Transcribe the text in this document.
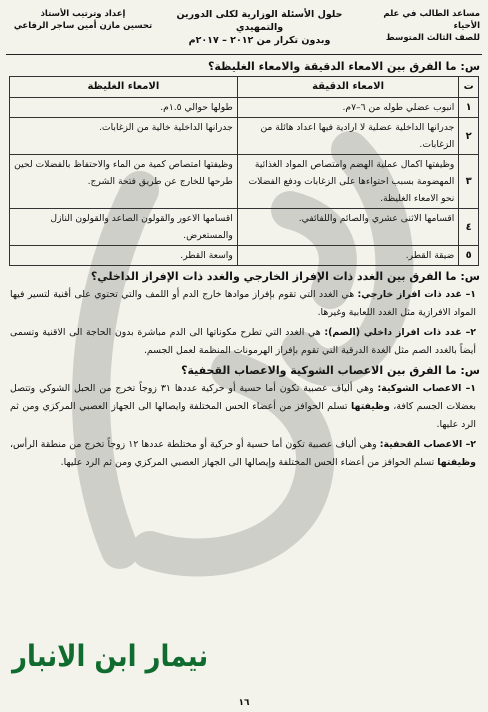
مساعد الطالب في علم الأحياء
للصف الثالث المتوسط
حلول الأسئلة الوزارية لكلى الدورين والتمهيدي
وبدون تكرار من ٢٠١٢ – ٢٠١٧م
إعداد وترتيب الأستاذ
تحسين مازن أمين ساجر الرفاعي
س: ما الفرق بين الامعاء الدقيقة والامعاء الغليظة؟
ت	الامعاء الدقيقة	الامعاء الغليظة
١	انبوب عضلي طوله من ٦–٧م.	طولها حوالي ١.٥م.
٢	جدرانها الداخلية عضلية لا ارادية فيها اعداد هائلة من الزغابات.	جدرانها الداخلية خالية من الزغابات.
٣	وظيفتها اكمال عملية الهضم وامتصاص المواد الغذائية المهضومة بسبب احتواءها على الزغابات ودفع الفضلات نحو الامعاء الغليظة.	وظيفتها امتصاص كمية من الماء والاحتفاظ بالفضلات لحين طرحها للخارج عن طريق فتحة الشرج.
٤	اقسامها الاثنى عشري والصائم واللفائفي.	اقسامها الاعور والقولون الصاعد والقولون النازل والمستعرض.
٥	ضيقة القطر.	واسعة القطر.
س: ما الفرق بين الغدد ذات الإفراز الخارجي والغدد ذات الإفراز الداخلي؟
١– غدد ذات افراز خارجي: هي الغدد التي تقوم بإفراز موادها خارج الدم أو اللمف والتي تحتوي على أقنية لتسير فيها المواد الافرازية مثل الغدد اللعابية وغيرها.
٢– غدد ذات افراز داخلي (الصم): هي الغدد التي تطرح مكوناتها الى الدم مباشرة بدون الحاجة الى الاقنية وتسمى أيضاً بالغدد الصم مثل الغدة الدرقية التي تقوم بإفراز الهرمونات المنظمة لعمل الجسم.
س: ما الفرق بين الاعصاب الشوكية والاعصاب القحفية؟
١– الاعصاب الشوكية: وهي ألياف عصبية تكون أما حسية أو حركية عددها ٣١ زوجاً تخرج من الحبل الشوكي وتتصل بعضلات الجسم كافة، وظيفتها تسلم الحوافز من أعضاء الحس المختلفة وايصالها الى الجهاز العصبي المركزي ومن ثم الرد عليها.
٢– الاعصاب القحفية: وهي ألياف عصبية تكون أما حسية أو حركية أو مختلطة عددها ١٢ زوجاً تخرج من منطقة الرأس، وظيفتها تسلم الحوافز من أعضاء الحس المختلفة وإيصالها الى الجهاز العصبي المركزي ومن ثم الرد عليها.
نيمار ابن الانبار
١٦
